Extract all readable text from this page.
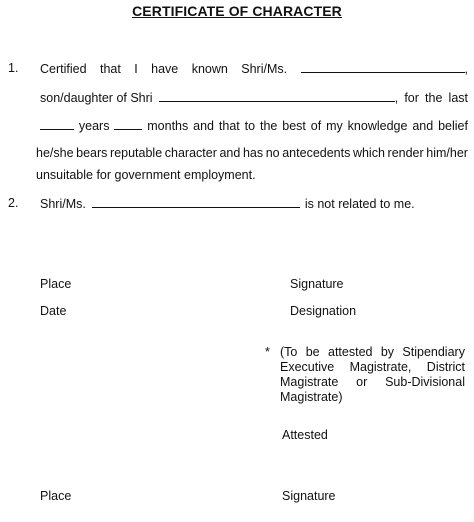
CERTIFICATE OF CHARACTER
1. Certified that I have known Shri/Ms.	,
son/daughter of Shri	, for the last
years	months and that to the best of my knowledge and belief
he/she bears reputable character and has no antecedents which render him/her
unsuitable for government employment.
2. Shri/Ms.	is not related to me.
Place	Signature
Date	Designation
* (To be attested by Stipendiary
Executive Magistrate, District
Magistrate or Sub-Divisional
Magistrate)
Attested
Place	Signature
